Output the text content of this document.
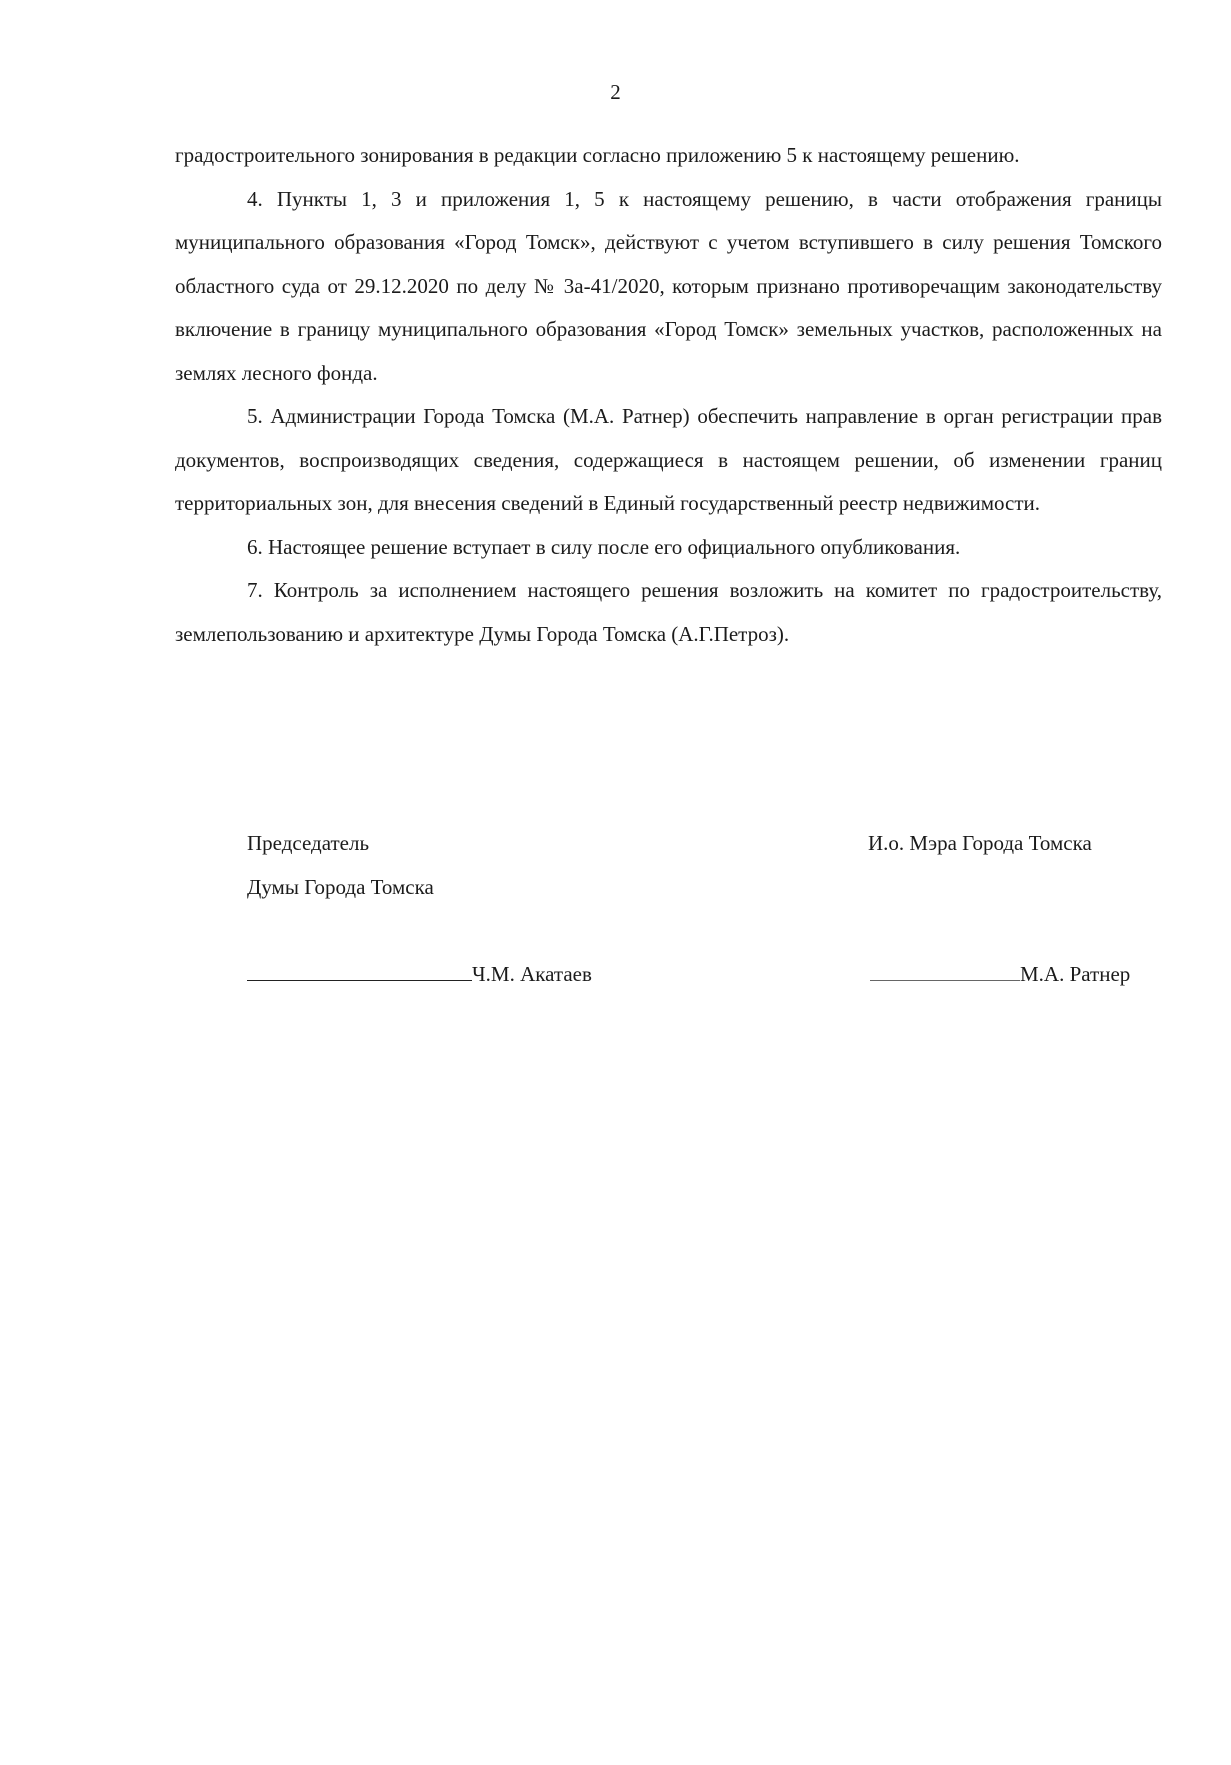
2

градостроительного зонирования в редакции согласно приложению 5 к настоящему решению.

4. Пункты 1, 3 и приложения 1, 5 к настоящему решению, в части отображения границы муниципального образования «Город Томск», действуют с учетом вступившего в силу решения Томского областного суда от 29.12.2020 по делу № 3а-41/2020, которым признано противоречащим законодательству включение в границу муниципального образования «Город Томск» земельных участков, расположенных на землях лесного фонда.

5. Администрации Города Томска (М.А. Ратнер) обеспечить направление в орган регистрации прав документов, воспроизводящих сведения, содержащиеся в настоящем решении, об изменении границ территориальных зон, для внесения сведений в Единый государственный реестр недвижимости.

6. Настоящее решение вступает в силу после его официального опубликования.

7. Контроль за исполнением настоящего решения возложить на комитет по градостроительству, землепользованию и архитектуре Думы Города Томска (А.Г.Петроз).

Председатель
Думы Города Томска
И.о. Мэра Города Томска
Ч.М. Акатаев	М.А. Ратнер
